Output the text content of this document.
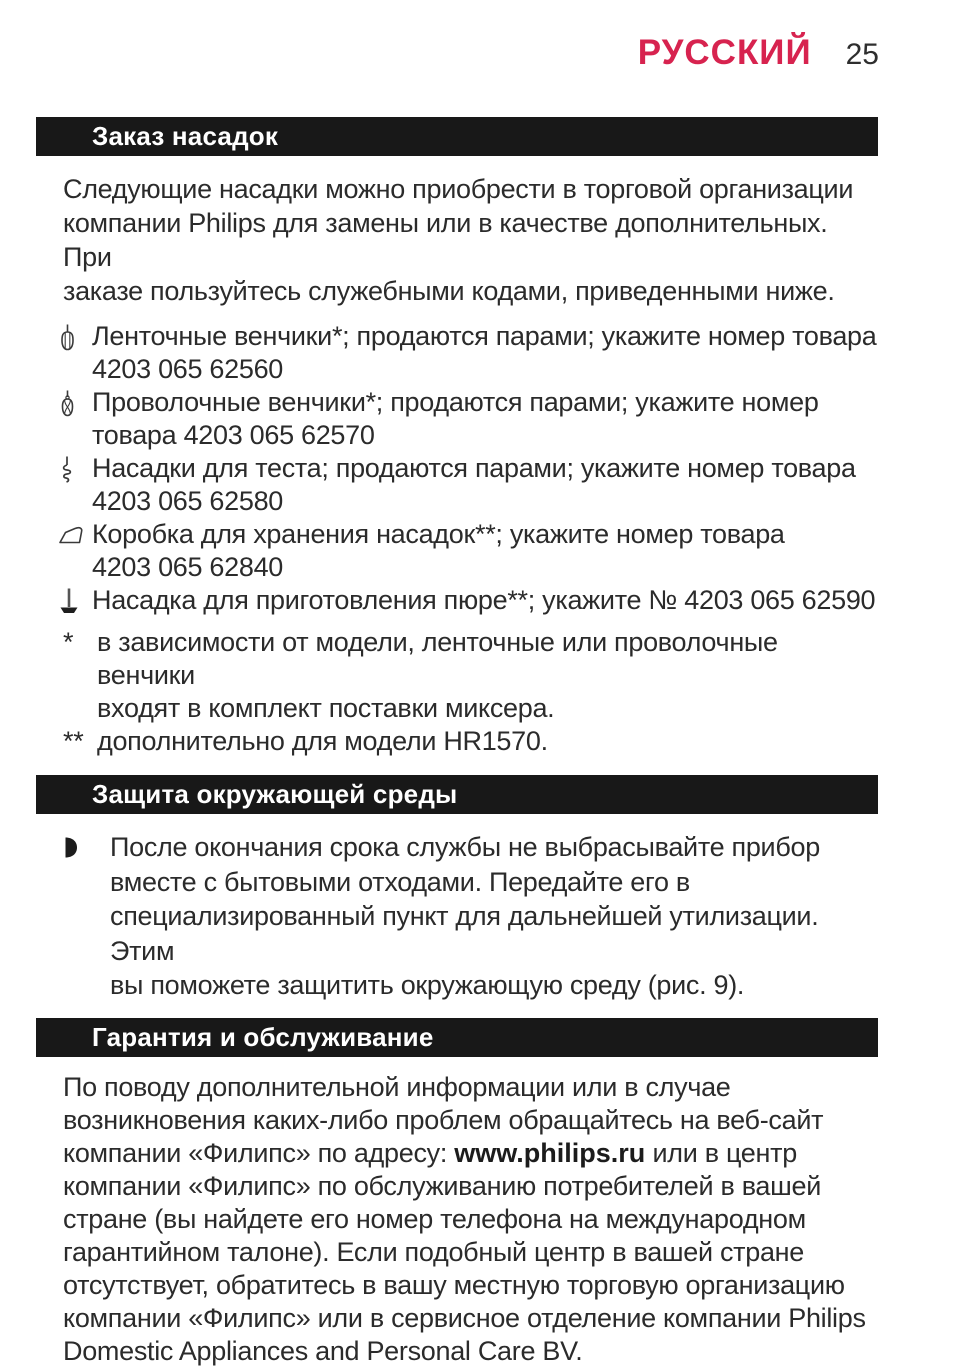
РУССКИЙ 25
Заказ насадок
Следующие насадки можно приобрести в торговой организации
компании Philips для замены или в качестве дополнительных. При
заказе пользуйтесь служебными кодами, приведенными ниже.
Ленточные венчики*; продаются парами; укажите номер товара
4203 065 62560
Проволочные венчики*; продаются парами; укажите номер
товара 4203 065 62570
Насадки для теста; продаются парами; укажите номер товара
4203 065 62580
Коробка для хранения насадок**; укажите номер товара
4203 065 62840
Насадка для приготовления пюре**; укажите № 4203 065 62590
* в зависимости от модели, ленточные или проволочные венчики
входят в комплект поставки миксера.
** дополнительно для модели HR1570.
Защита окружающей среды
После окончания срока службы не выбрасывайте прибор
вместе с бытовыми отходами. Передайте его в
специализированный пункт для дальнейшей утилизации. Этим
вы поможете защитить окружающую среду (рис. 9).
Гарантия и обслуживание
По поводу дополнительной информации или в случае
возникновения каких-либо проблем обращайтесь на веб-сайт
компании «Филипс» по адресу: www.philips.ru или в центр
компании «Филипс» по обслуживанию потребителей в вашей
стране (вы найдете его номер телефона на международном
гарантийном талоне). Если подобный центр в вашей стране
отсутствует, обратитесь в вашу местную торговую организацию
компании «Филипс» или в сервисное отделение компании Philips
Domestic Appliances and Personal Care BV.
